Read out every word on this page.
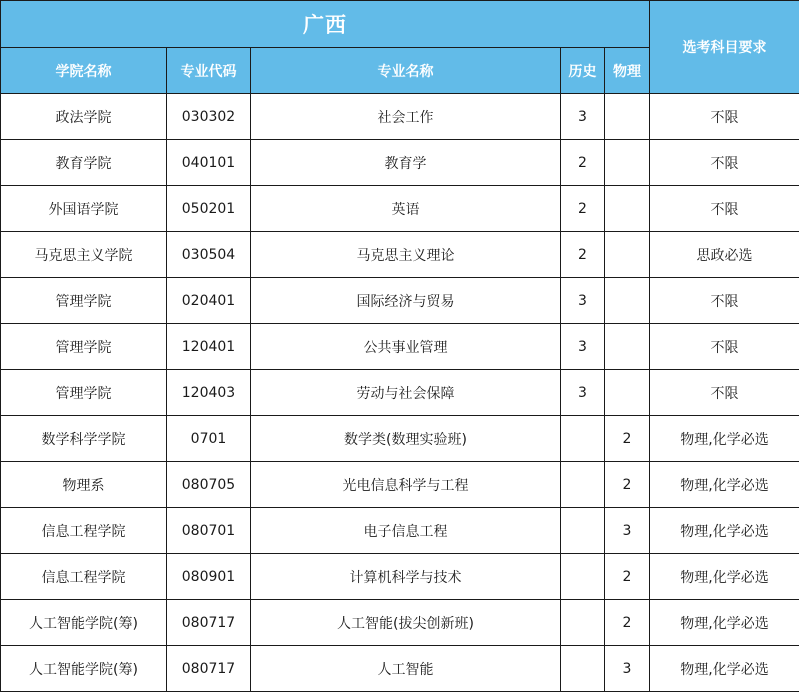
广西					选考科目要求
学院名称	专业代码	专业名称	历史	物理	
政法学院	030302	社会工作	3		不限
教育学院	040101	教育学	2		不限
外国语学院	050201	英语	2		不限
马克思主义学院	030504	马克思主义理论	2		思政必选
管理学院	020401	国际经济与贸易	3		不限
管理学院	120401	公共事业管理	3		不限
管理学院	120403	劳动与社会保障	3		不限
数学科学学院	0701	数学类(数理实验班)		2	物理,化学必选
物理系	080705	光电信息科学与工程		2	物理,化学必选
信息工程学院	080701	电子信息工程		3	物理,化学必选
信息工程学院	080901	计算机科学与技术		2	物理,化学必选
人工智能学院(筹)	080717	人工智能(拔尖创新班)		2	物理,化学必选
人工智能学院(筹)	080717	人工智能		3	物理,化学必选
